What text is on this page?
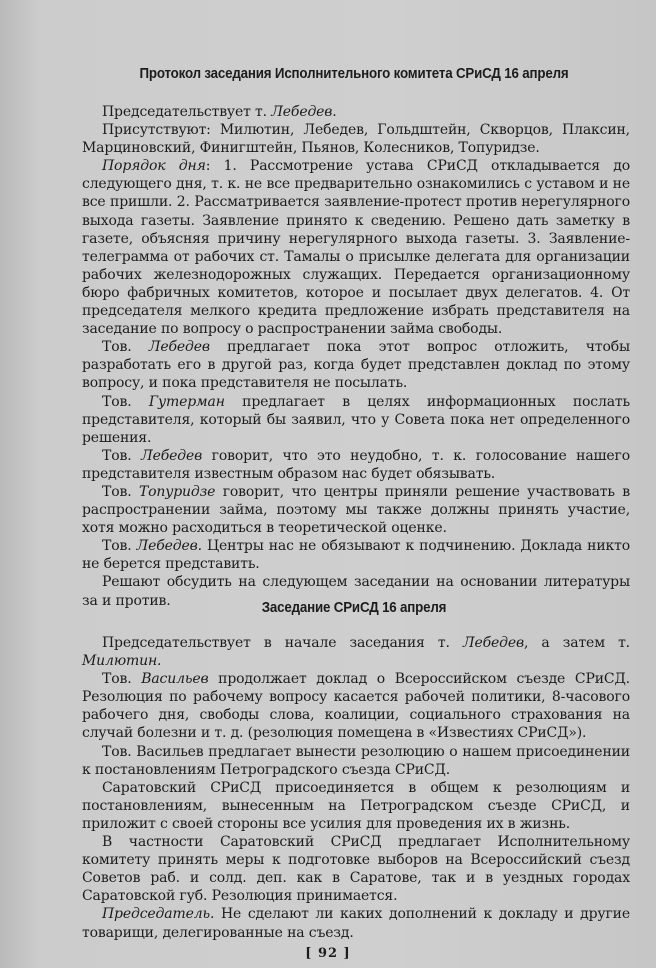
Протокол заседания Исполнительного комитета СРиСД 16 апреля

Председательствует т. Лебедев.

Присутствуют: Милютин, Лебедев, Гольдштейн, Скворцов, Плаксин, Марциновский, Финигштейн, Пьянов, Колесников, Топуридзе.

Порядок дня: 1. Рассмотрение устава СРиСД откладывается до следующего дня, т. к. не все предварительно ознакомились с уставом и не все пришли. 2. Рассматривается заявление-протест против нерегулярного выхода газеты. Заявление принято к сведению. Решено дать заметку в газете, объясняя причину нерегулярного выхода газеты. 3. Заявление-телеграмма от рабочих ст. Тамалы о присылке делегата для организации рабочих железнодорожных служащих. Передается организационному бюро фабричных комитетов, которое и посылает двух делегатов. 4. От председателя мелкого кредита предложение избрать представителя на заседание по вопросу о распространении займа свободы.

Тов. Лебедев предлагает пока этот вопрос отложить, чтобы разработать его в другой раз, когда будет представлен доклад по этому вопросу, и пока представителя не посылать.

Тов. Гутерман предлагает в целях информационных послать представителя, который бы заявил, что у Совета пока нет определенного решения.

Тов. Лебедев говорит, что это неудобно, т. к. голосование нашего представителя известным образом нас будет обязывать.

Тов. Топуридзе говорит, что центры приняли решение участвовать в распространении займа, поэтому мы также должны принять участие, хотя можно расходиться в теоретической оценке.

Тов. Лебедев. Центры нас не обязывают к подчинению. Доклада никто не берется представить.

Решают обсудить на следующем заседании на основании литературы за и против.	Заседание СРиСД 16 апреля

Председательствует в начале заседания т. Лебедев, а затем т. Милютин.

Тов. Васильев продолжает доклад о Всероссийском съезде СРиСД. Резолюция по рабочему вопросу касается рабочей политики, 8-часового рабочего дня, свободы слова, коалиции, социального страхования на случай болезни и т. д. (резолюция помещена в «Известиях СРиСД»).

Тов. Васильев предлагает вынести резолюцию о нашем присоединении к постановлениям Петроградского съезда СРиСД.

Саратовский СРиСД присоединяется в общем к резолюциям и постановлениям, вынесенным на Петроградском съезде СРиСД, и приложит с своей стороны все усилия для проведения их в жизнь.

В частности Саратовский СРиСД предлагает Исполнительному комитету принять меры к подготовке выборов на Всероссийский съезд Советов раб. и солд. деп. как в Саратове, так и в уездных городах Саратовской губ. Резолюция принимается.

Председатель. Не сделают ли каких дополнений к докладу и другие товарищи, делегированные на съезд.

[ 92 ]
